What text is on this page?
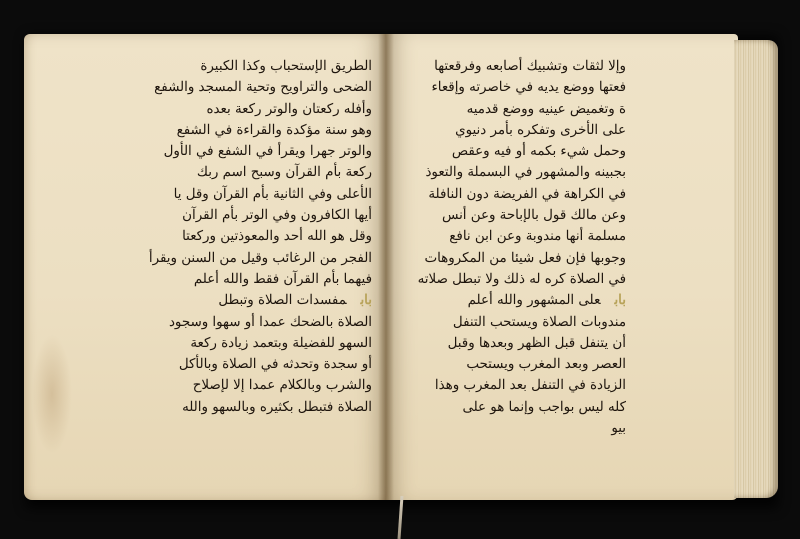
الطريق الإستحباب وكذا الكبيرة
الضحى والتراويح وتحية المسجد والشفع
وأفله ركعتان والوتر ركعة بعده
وهو سنة مؤكدة والقراءة في الشفع
والوتر جهرا ويقرأ في الشفع في الأول
ركعة بأم القرآن وسبح اسم ربك
الأعلى وفي الثانية بأم القرآن وقل يا
أيها الكافرون وفي الوتر بأم القرآن
وقل هو الله أحد والمعوذتين وركعتا
الفجر من الرغائب وقيل من السنن ويقرأ
فيهما بأم القرآن فقط والله أعلم
بابمفسدات الصلاة وتبطل
الصلاة بالضحك عمدا أو سهوا وسجود
السهو للفضيلة وبتعمد زيادة ركعة
أو سجدة وتحدثه في الصلاة وبالأكل
والشرب وبالكلام عمدا إلا لإصلاح
الصلاة فتبطل بكثيره وبالسهو والله
وإلا لثقات وتشبيك أصابعه وفرقعتها
فعتها ووضع يديه في خاصرته وإقعاء
ة وتغميض عينيه ووضع قدميه
على الأخرى وتفكره بأمر دنيوي
وحمل شيء بكمه أو فيه وعقص
بجبينه والمشهور في البسملة والتعوذ
في الكراهة في الفريضة دون النافلة
وعن مالك قول بالإباحة وعن أنس
مسلمة أنها مندوبة وعن ابن نافع
وجوبها فإن فعل شيئا من المكروهات
في الصلاة كره له ذلك ولا تبطل صلاته
بابعلى المشهور والله أعلم
مندوبات الصلاة ويستحب التنفل
أن يتنفل قبل الظهر وبعدها وقبل
العصر وبعد المغرب ويستحب
الزيادة في التنفل بعد المغرب وهذا
كله ليس بواجب وإنما هو على
بيو
